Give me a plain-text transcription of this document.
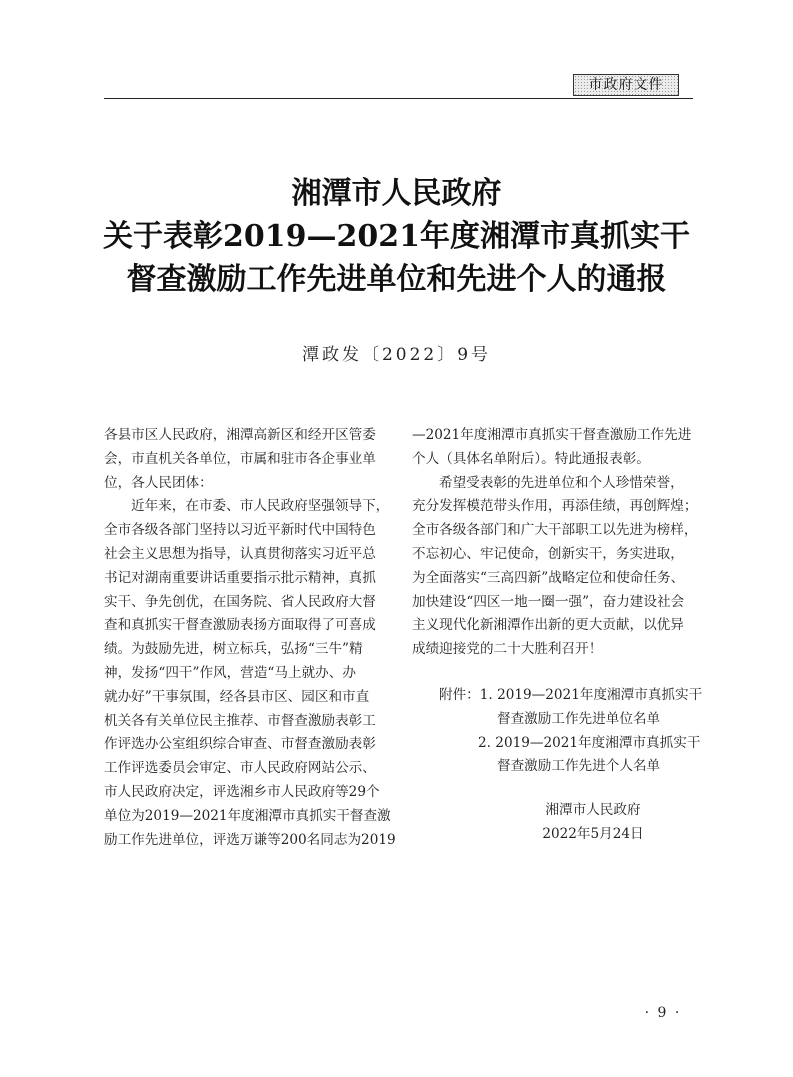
市政府文件
湘潭市人民政府
关于表彰2019—2021年度湘潭市真抓实干
督查激励工作先进单位和先进个人的通报
潭政发〔2022〕9号
各县市区人民政府，湘潭高新区和经开区管委
会，市直机关各单位，市属和驻市各企事业单
位，各人民团体：
近年来，在市委、市人民政府坚强领导下，
全市各级各部门坚持以习近平新时代中国特色
社会主义思想为指导，认真贯彻落实习近平总
书记对湖南重要讲话重要指示批示精神，真抓
实干、争先创优，在国务院、省人民政府大督
查和真抓实干督查激励表扬方面取得了可喜成
绩。为鼓励先进，树立标兵，弘扬“三牛”精
神，发扬“四干”作风，营造“马上就办、办
就办好”干事氛围，经各县市区、园区和市直
机关各有关单位民主推荐、市督查激励表彰工
作评选办公室组织综合审查、市督查激励表彰
工作评选委员会审定、市人民政府网站公示、
市人民政府决定，评选湘乡市人民政府等29个
单位为2019—2021年度湘潭市真抓实干督查激
励工作先进单位，评选万谦等200名同志为2019
—2021年度湘潭市真抓实干督查激励工作先进
个人（具体名单附后）。特此通报表彰。
希望受表彰的先进单位和个人珍惜荣誉，
充分发挥模范带头作用，再添佳绩，再创辉煌；
全市各级各部门和广大干部职工以先进为榜样，
不忘初心、牢记使命，创新实干，务实进取，
为全面落实“三高四新”战略定位和使命任务、
加快建设“四区一地一圈一强”，奋力建设社会
主义现代化新湘潭作出新的更大贡献，以优异
成绩迎接党的二十大胜利召开！
附件：1. 2019—2021年度湘潭市真抓实干
督查激励工作先进单位名单
2. 2019—2021年度湘潭市真抓实干
督查激励工作先进个人名单
湘潭市人民政府
2022年5月24日
· 9 ·
